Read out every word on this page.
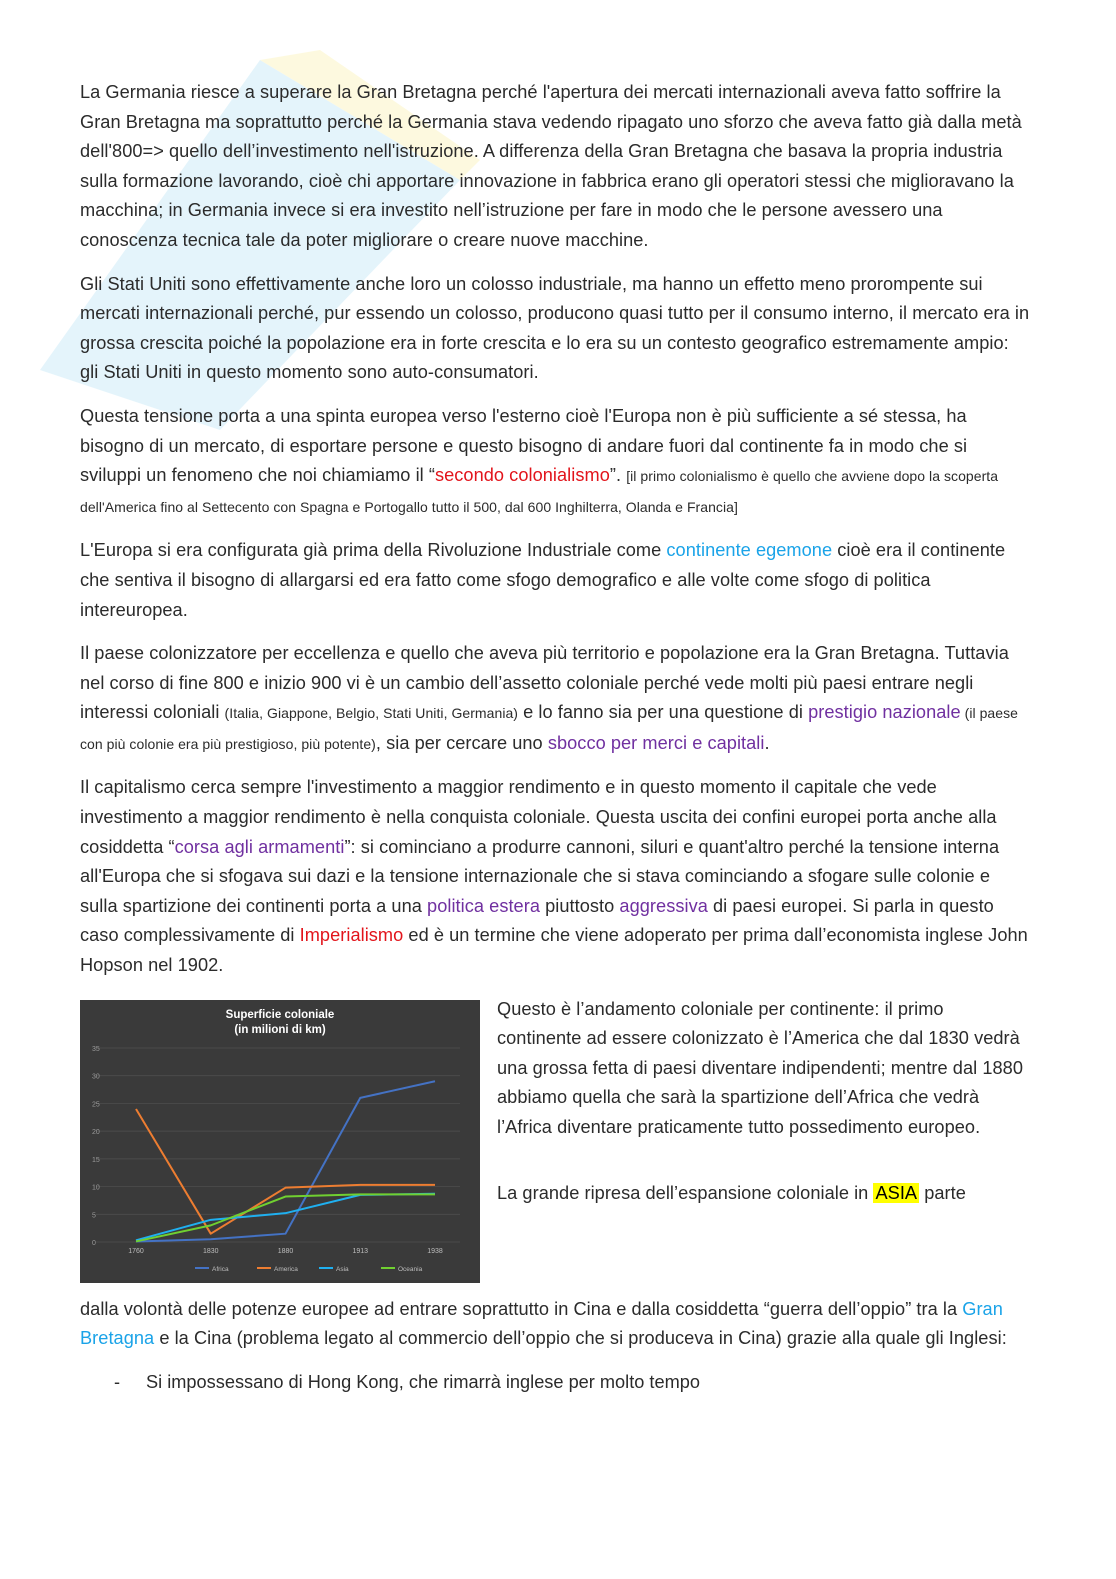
La Germania riesce a superare la Gran Bretagna perché l'apertura dei mercati internazionali aveva fatto soffrire la Gran Bretagna ma soprattutto perché la Germania stava vedendo ripagato uno sforzo che aveva fatto già dalla metà dell'800=> quello dell’investimento nell'istruzione. A differenza della Gran Bretagna che basava la propria industria sulla formazione lavorando, cioè chi apportare innovazione in fabbrica erano gli operatori stessi che miglioravano la macchina; in Germania invece si era investito nell’istruzione per fare in modo che le persone avessero una conoscenza tecnica tale da poter migliorare o creare nuove macchine.

Gli Stati Uniti sono effettivamente anche loro un colosso industriale, ma hanno un effetto meno prorompente sui mercati internazionali perché, pur essendo un colosso, producono quasi tutto per il consumo interno, il mercato era in grossa crescita poiché la popolazione era in forte crescita e lo era su un contesto geografico estremamente ampio: gli Stati Uniti in questo momento sono auto-consumatori.

Questa tensione porta a una spinta europea verso l'esterno cioè l'Europa non è più sufficiente a sé stessa, ha bisogno di un mercato, di esportare persone e questo bisogno di andare fuori dal continente fa in modo che si sviluppi un fenomeno che noi chiamiamo il “secondo colonialismo”. [il primo colonialismo è quello che avviene dopo la scoperta dell'America fino al Settecento con Spagna e Portogallo tutto il 500, dal 600 Inghilterra, Olanda e Francia]

L'Europa si era configurata già prima della Rivoluzione Industriale come continente egemone cioè era il continente che sentiva il bisogno di allargarsi ed era fatto come sfogo demografico e alle volte come sfogo di politica intereuropea.

Il paese colonizzatore per eccellenza e quello che aveva più territorio e popolazione era la Gran Bretagna. Tuttavia nel corso di fine 800 e inizio 900 vi è un cambio dell’assetto coloniale perché vede molti più paesi entrare negli interessi coloniali (Italia, Giappone, Belgio, Stati Uniti, Germania) e lo fanno sia per una questione di prestigio nazionale (il paese con più colonie era più prestigioso, più potente), sia per cercare uno sbocco per merci e capitali.

Il capitalismo cerca sempre l'investimento a maggior rendimento e in questo momento il capitale che vede investimento a maggior rendimento è nella conquista coloniale. Questa uscita dei confini europei porta anche alla cosiddetta “corsa agli armamenti”: si cominciano a produrre cannoni, siluri e quant'altro perché la tensione interna all'Europa che si sfogava sui dazi e la tensione internazionale che si stava cominciando a sfogare sulle colonie e sulla spartizione dei continenti porta a una politica estera piuttosto aggressiva di paesi europei. Si parla in questo caso complessivamente di Imperialismo ed è un termine che viene adoperato per prima dall’economista inglese John Hopson nel 1902.

Superficie coloniale
(in milioni di km)
0
5
10
15
20
25
30
35
1760	1830	1880	1913	1938
Africa	America	Asia	Oceania

Questo è l’andamento coloniale per continente: il primo continente ad essere colonizzato è l’America che dal 1830 vedrà una grossa fetta di paesi diventare indipendenti; mentre dal 1880 abbiamo quella che sarà la spartizione dell’Africa che vedrà l’Africa diventare praticamente tutto possedimento europeo.

La grande ripresa dell’espansione coloniale in ASIA parte

dalla volontà delle potenze europee ad entrare soprattutto in Cina e dalla cosiddetta “guerra dell’oppio” tra la Gran Bretagna e la Cina (problema legato al commercio dell’oppio che si produceva in Cina) grazie alla quale gli Inglesi:

-	Si impossessano di Hong Kong, che rimarrà inglese per molto tempo
